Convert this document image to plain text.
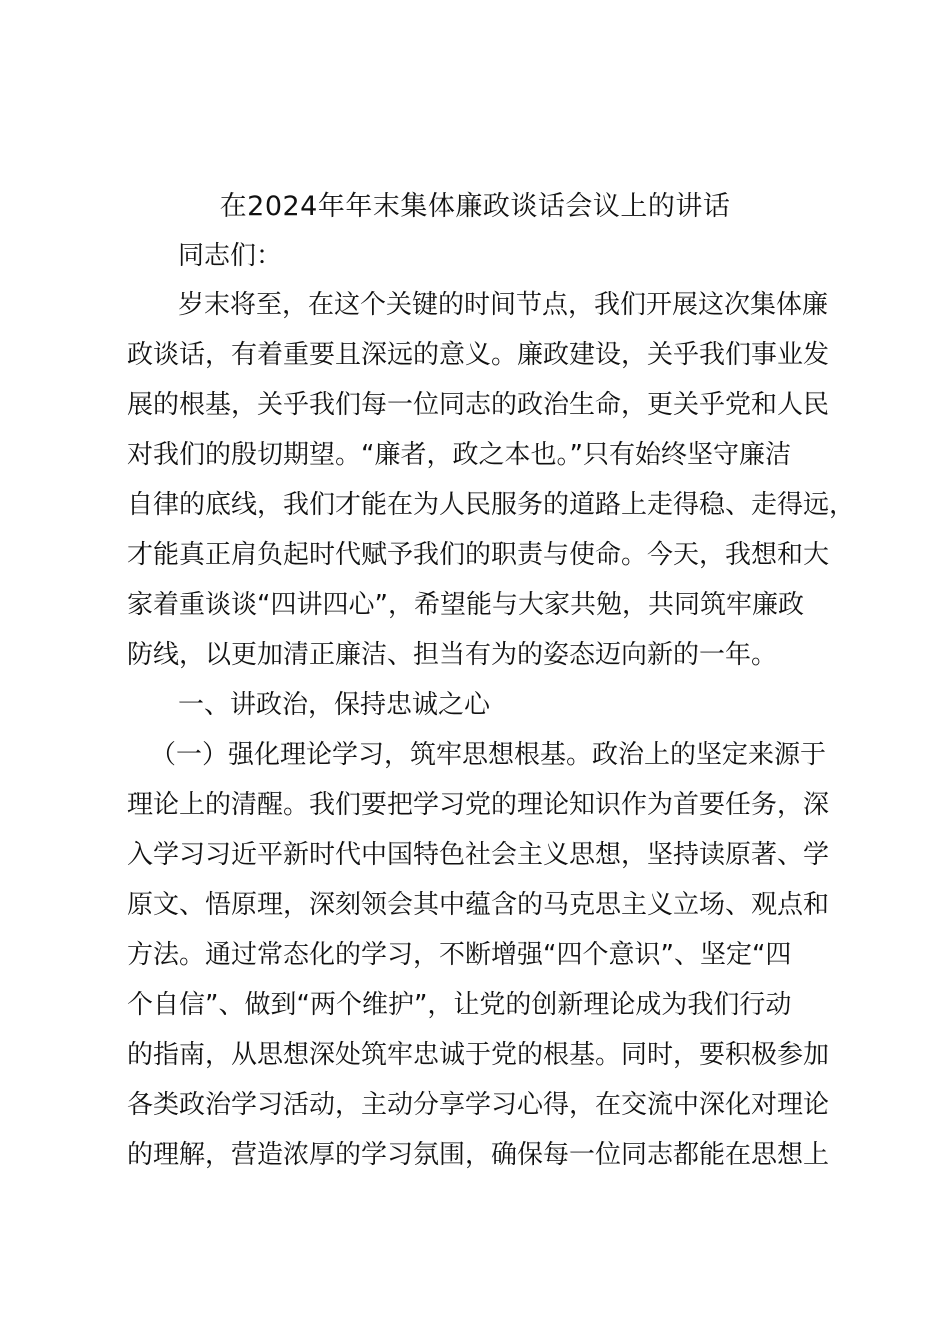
在2024年年末集体廉政谈话会议上的讲话
同志们：
岁末将至，在这个关键的时间节点，我们开展这次集体廉
政谈话，有着重要且深远的意义。廉政建设，关乎我们事业发
展的根基，关乎我们每一位同志的政治生命，更关乎党和人民
对我们的殷切期望。“廉者，政之本也。”只有始终坚守廉洁
自律的底线，我们才能在为人民服务的道路上走得稳、走得远，
才能真正肩负起时代赋予我们的职责与使命。今天，我想和大
家着重谈谈“四讲四心”，希望能与大家共勉，共同筑牢廉政
防线，以更加清正廉洁、担当有为的姿态迈向新的一年。
一、讲政治，保持忠诚之心
（一）强化理论学习，筑牢思想根基。政治上的坚定来源于
理论上的清醒。我们要把学习党的理论知识作为首要任务，深
入学习习近平新时代中国特色社会主义思想，坚持读原著、学
原文、悟原理，深刻领会其中蕴含的马克思主义立场、观点和
方法。通过常态化的学习，不断增强“四个意识”、坚定“四
个自信”、做到“两个维护”，让党的创新理论成为我们行动
的指南，从思想深处筑牢忠诚于党的根基。同时，要积极参加
各类政治学习活动，主动分享学习心得，在交流中深化对理论
的理解，营造浓厚的学习氛围，确保每一位同志都能在思想上
